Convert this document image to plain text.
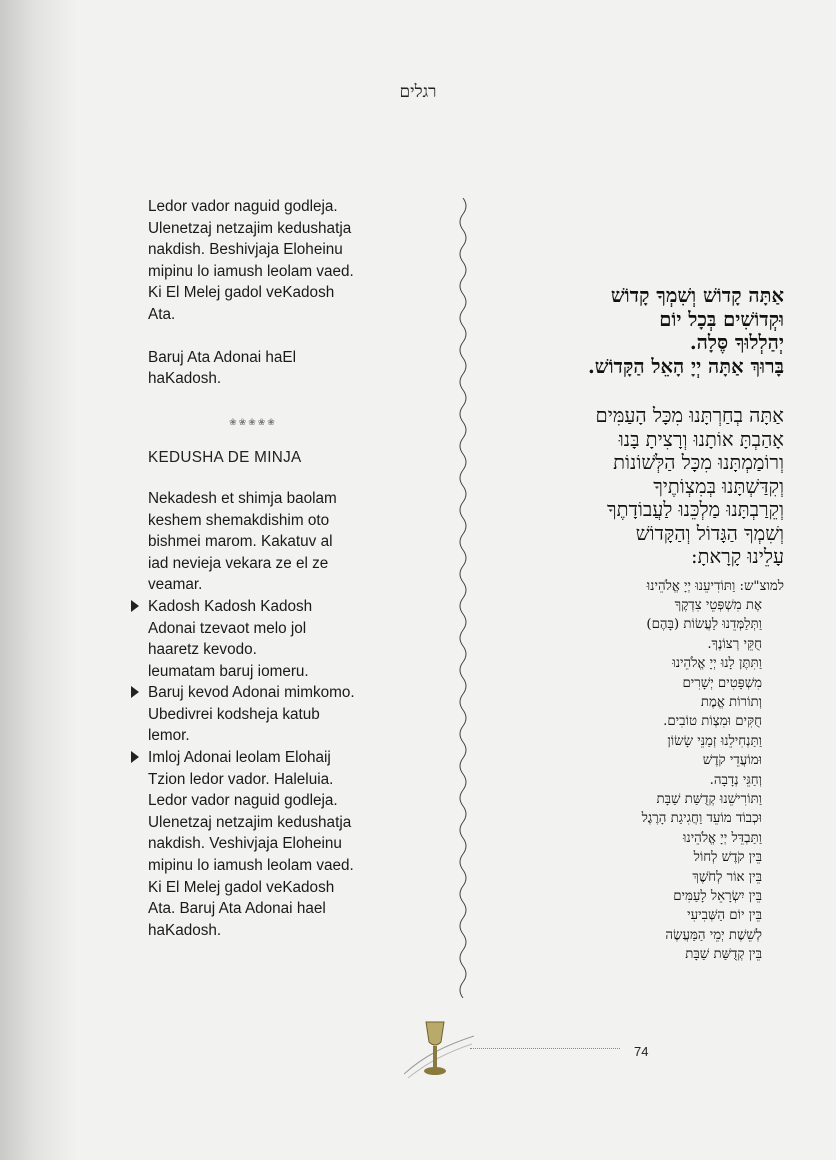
רגלים
Ledor vador naguid godleja.
Ulenetzaj netzajim kedushatja
nakdish. Beshivjaja Eloheinu
mipinu lo iamush leolam vaed.
Ki El Melej gadol veKadosh
Ata.
Baruj Ata Adonai haEl
haKadosh.
❀❀❀❀❀
KEDUSHA DE MINJA
Nekadesh et shimja baolam
keshem shemakdishim oto
bishmei marom. Kakatuv al
iad nevieja vekara ze el ze
veamar.
Kadosh Kadosh Kadosh
Adonai tzevaot melo jol
haaretz kevodo.
leumatam baruj iomeru.
Baruj kevod Adonai mimkomo.
Ubedivrei kodsheja katub
lemor.
Imloj Adonai leolam Elohaij
Tzion ledor vador. Haleluia.
Ledor vador naguid godleja.
Ulenetzaj netzajim kedushatja
nakdish. Veshivjaja Eloheinu
mipinu lo iamush leolam vaed.
Ki El Melej gadol veKadosh
Ata. Baruj Ata Adonai hael
haKadosh.
אַתָּה קָדוֹשׁ וְשִׁמְךָ קָדוֹשׁ
וּקְדוֹשִׁים בְּכָל יוֹם
יְהַלְלוּךָ סֶּלָה.
בָּרוּךְ אַתָּה יְיָ הָאֵל הַקָּדוֹשׁ.
אַתָּה בְחַרְתָּנוּ מִכָּל הָעַמִּים
אָהַבְתָּ אוֹתָנוּ וְרָצִיתָ בָּנוּ
וְרוֹמַמְתָּנוּ מִכָּל הַלְּשׁוֹנוֹת
וְקִדַּשְׁתָּנוּ בְּמִצְוֹתֶיךָ
וְקֵרַבְתָּנוּ מַלְכֵּנוּ לַעֲבוֹדָתֶךָ
וְשִׁמְךָ הַגָּדוֹל וְהַקָּדוֹשׁ
עָלֵינוּ קָרָאתָ:
למוצ"ש: וַתּוֹדִיעֵנוּ יְיָ אֱלֹהֵינוּ
אֶת מִשְׁפְּטֵי צִדְקֶךָ
וַתְּלַמְּדֵנוּ לַעֲשׂוֹת (בָּהֶם)
חֻקֵּי רְצוֹנֶךָ.
וַתִּתֶּן לָנוּ יְיָ אֱלֹהֵינוּ
מִשְׁפָּטִים יְשָׁרִים
וְתוֹרוֹת אֱמֶת
חֻקִּים וּמִצְוֹת טוֹבִים.
וַתַּנְחִילֵנוּ זְמַנֵּי שָׂשׂוֹן
וּמוֹעֲדֵי קֹדֶשׁ
וְחַגֵּי נְדָבָה.
וַתּוֹרִישֵׁנוּ קְדֻשַּׁת שַׁבָּת
וּכְבוֹד מוֹעֵד וַחֲגִיגַת הָרֶגֶל
וַתַּבְדֵּל יְיָ אֱלֹהֵינוּ
בֵּין קֹדֶשׁ לְחוֹל
בֵּין אוֹר לְחֹשֶׁךְ
בֵּין יִשְׂרָאֵל לָעַמִּים
בֵּין יוֹם הַשְּׁבִיעִי
לְשֵׁשֶׁת יְמֵי הַמַּעֲשֶׂה
בֵּין קְדֻשַּׁת שַׁבָּת
74
